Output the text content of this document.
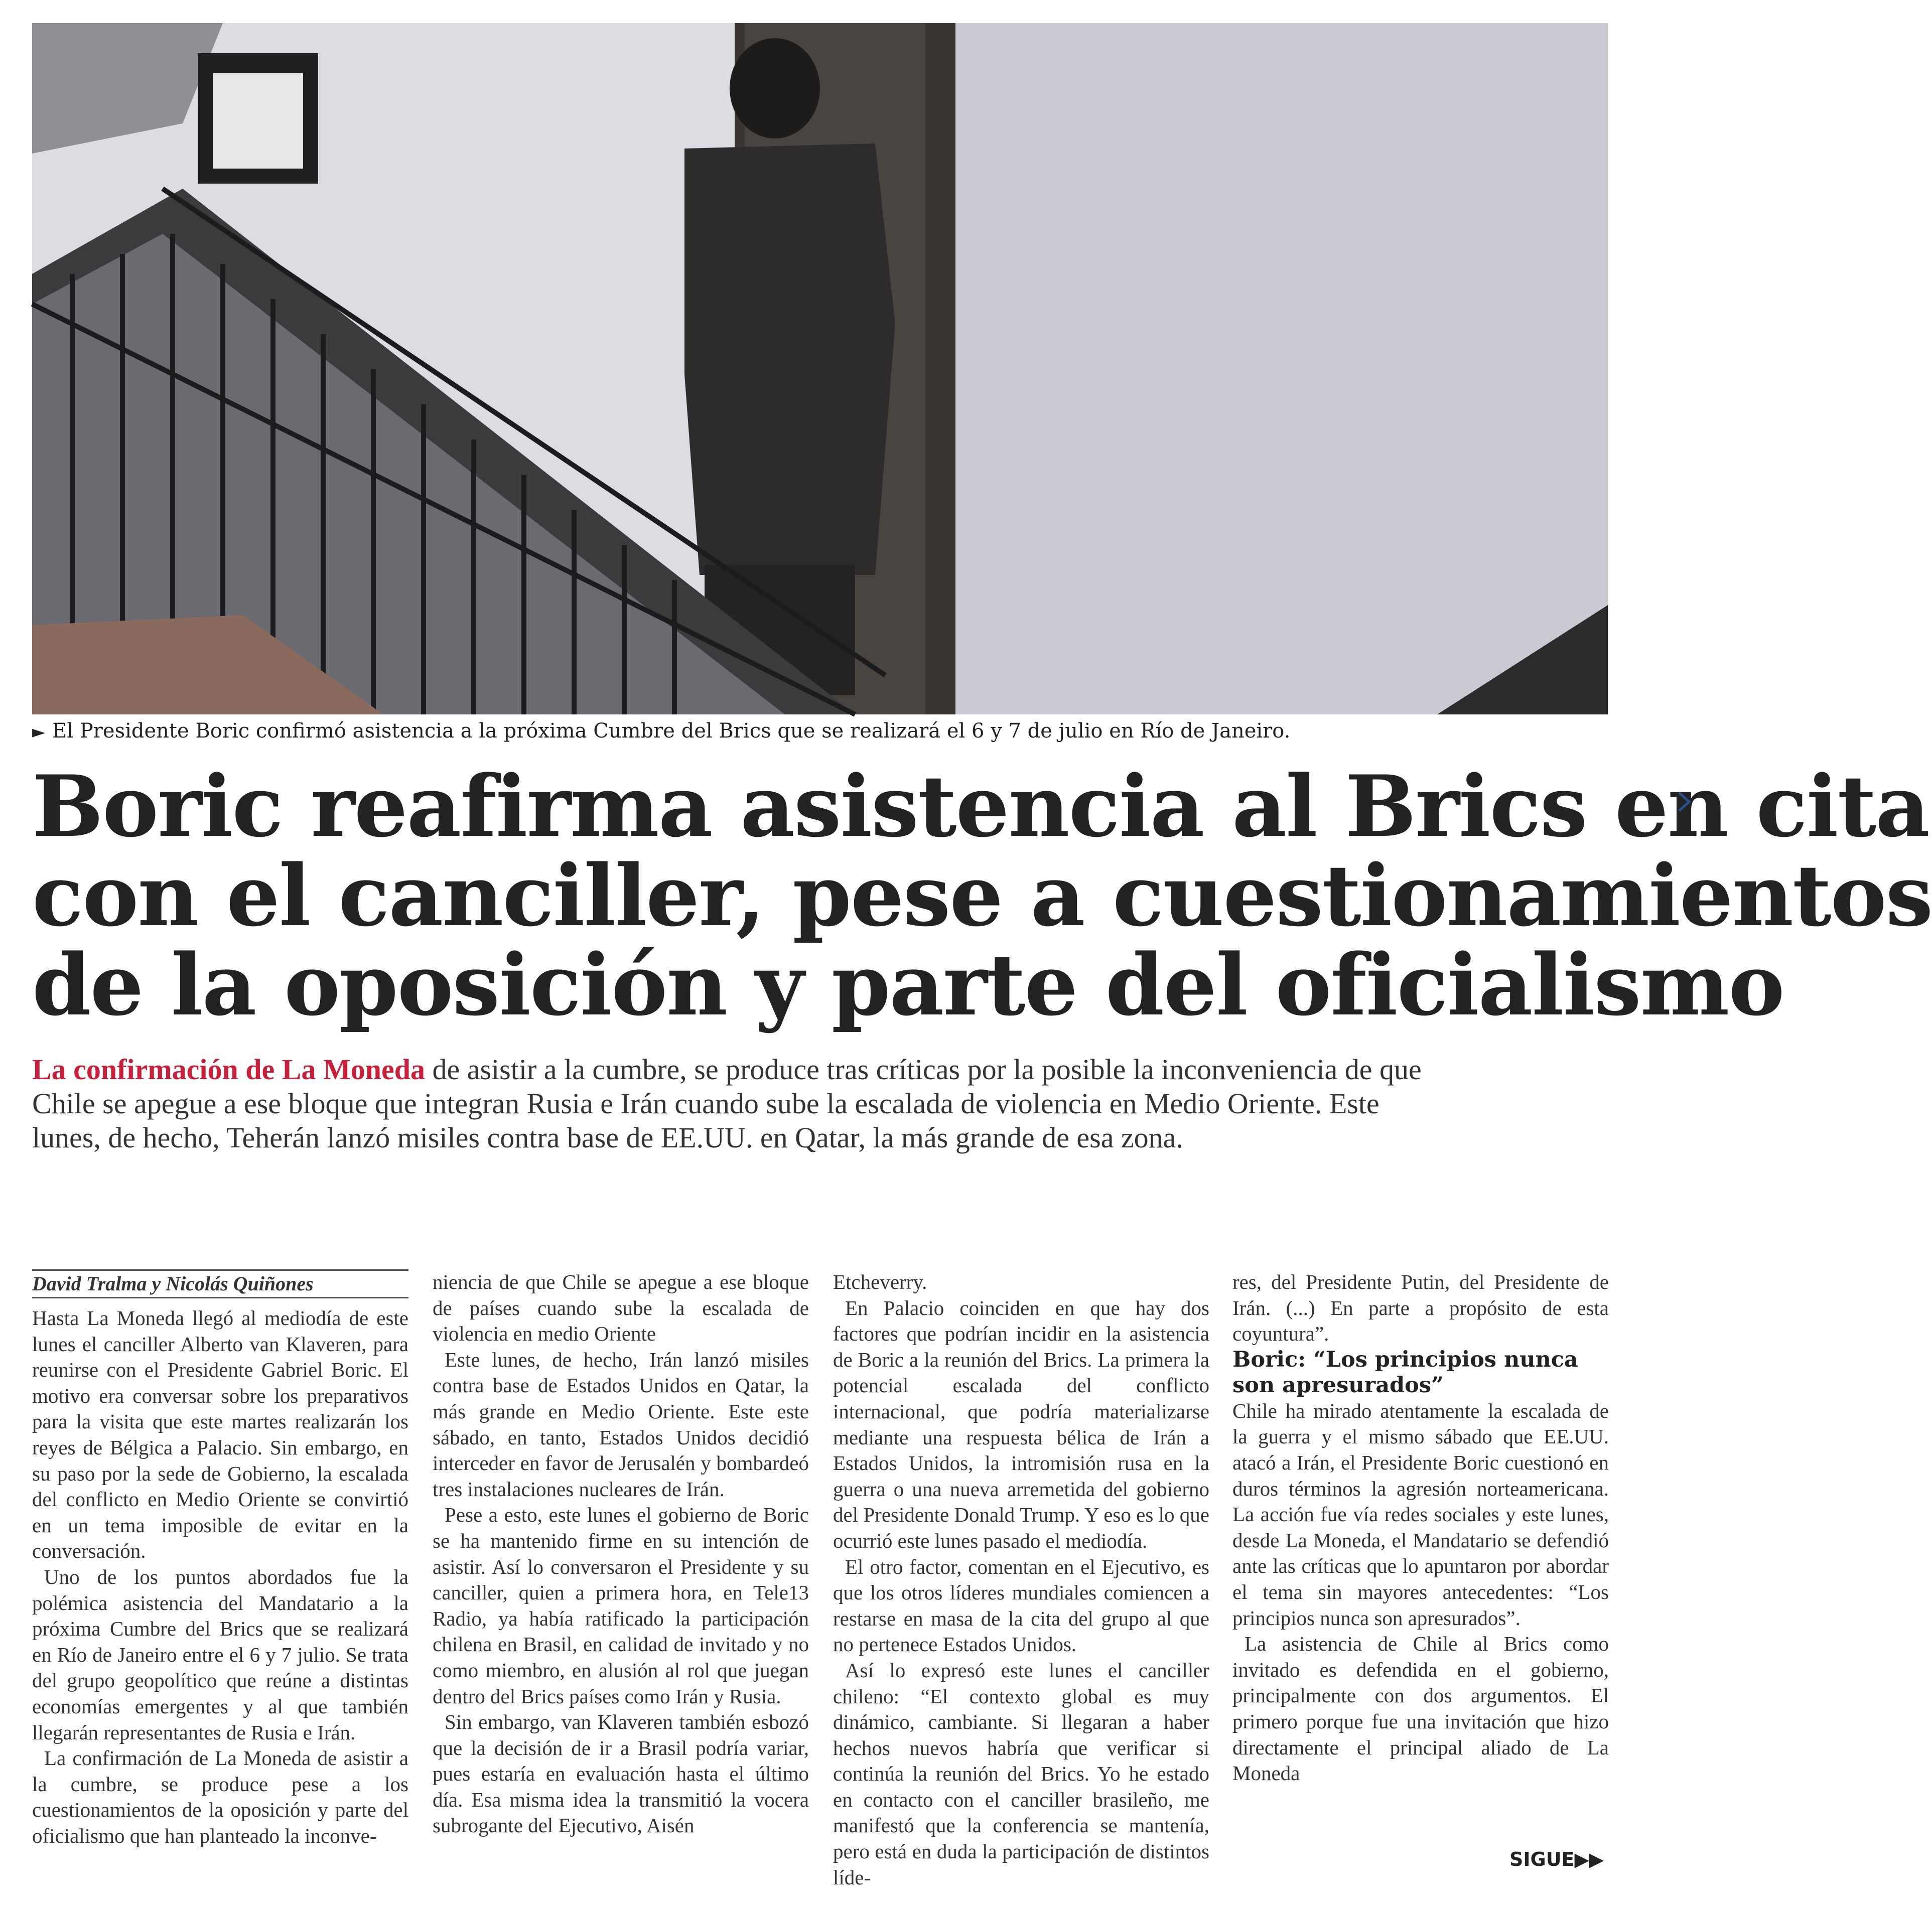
► El Presidente Boric confirmó asistencia a la próxima Cumbre del Brics que se realizará el 6 y 7 de julio en Río de Janeiro.
Boric reafirma asistencia al Brics en cita
con el canciller, pese a cuestionamientos
de la oposición y parte del oficialismo
La confirmación de La Moneda de asistir a la cumbre, se produce tras críticas por la posible la inconveniencia de que Chile se apegue a ese bloque que integran Rusia e Irán cuando sube la escalada de violencia en Medio Oriente. Este lunes, de hecho, Teherán lanzó misiles contra base de EE.UU. en Qatar, la más grande de esa zona.
David Tralma y Nicolás Quiñones

Hasta La Moneda llegó al mediodía de este lunes el canciller Alberto van Klaveren, para reunirse con el Presidente Gabriel Boric. El motivo era conversar sobre los preparativos para la visita que este martes realizarán los reyes de Bélgica a Palacio. Sin embargo, en su paso por la sede de Gobierno, la escalada del conflicto en Medio Oriente se convirtió en un tema imposible de evitar en la conversación.

Uno de los puntos abordados fue la polémica asistencia del Mandatario a la próxima Cumbre del Brics que se realizará en Río de Janeiro entre el 6 y 7 julio. Se trata del grupo geopolítico que reúne a distintas economías emergentes y al que también llegarán representantes de Rusia e Irán.

La confirmación de La Moneda de asistir a la cumbre, se produce pese a los cuestionamientos de la oposición y parte del oficialismo que han planteado la inconve-

niencia de que Chile se apegue a ese bloque de países cuando sube la escalada de violencia en medio Oriente

Este lunes, de hecho, Irán lanzó misiles contra base de Estados Unidos en Qatar, la más grande en Medio Oriente. Este este sábado, en tanto, Estados Unidos decidió interceder en favor de Jerusalén y bombardeó tres instalaciones nucleares de Irán.

Pese a esto, este lunes el gobierno de Boric se ha mantenido firme en su intención de asistir. Así lo conversaron el Presidente y su canciller, quien a primera hora, en Tele13 Radio, ya había ratificado la participación chilena en Brasil, en calidad de invitado y no como miembro, en alusión al rol que juegan dentro del Brics países como Irán y Rusia.

Sin embargo, van Klaveren también esbozó que la decisión de ir a Brasil podría variar, pues estaría en evaluación hasta el último día. Esa misma idea la transmitió la vocera subrogante del Ejecutivo, Aisén

Etcheverry.

En Palacio coinciden en que hay dos factores que podrían incidir en la asistencia de Boric a la reunión del Brics. La primera la potencial escalada del conflicto internacional, que podría materializarse mediante una respuesta bélica de Irán a Estados Unidos, la intromisión rusa en la guerra o una nueva arremetida del gobierno del Presidente Donald Trump. Y eso es lo que ocurrió este lunes pasado el mediodía.

El otro factor, comentan en el Ejecutivo, es que los otros líderes mundiales comiencen a restarse en masa de la cita del grupo al que no pertenece Estados Unidos.

Así lo expresó este lunes el canciller chileno: “El contexto global es muy dinámico, cambiante. Si llegaran a haber hechos nuevos habría que verificar si continúa la reunión del Brics. Yo he estado en contacto con el canciller brasileño, me manifestó que la conferencia se mantenía, pero está en duda la participación de distintos líde-

res, del Presidente Putin, del Presidente de Irán. (...) En parte a propósito de esta coyuntura”.

Boric: “Los principios nunca son apresurados”

Chile ha mirado atentamente la escalada de la guerra y el mismo sábado que EE.UU. atacó a Irán, el Presidente Boric cuestionó en duros términos la agresión norteamericana. La acción fue vía redes sociales y este lunes, desde La Moneda, el Mandatario se defendió ante las críticas que lo apuntaron por abordar el tema sin mayores antecedentes: “Los principios nunca son apresurados”.

La asistencia de Chile al Brics como invitado es defendida en el gobierno, principalmente con dos argumentos. El primero porque fue una invitación que hizo directamente el principal aliado de La Moneda

SIGUE▶▶
